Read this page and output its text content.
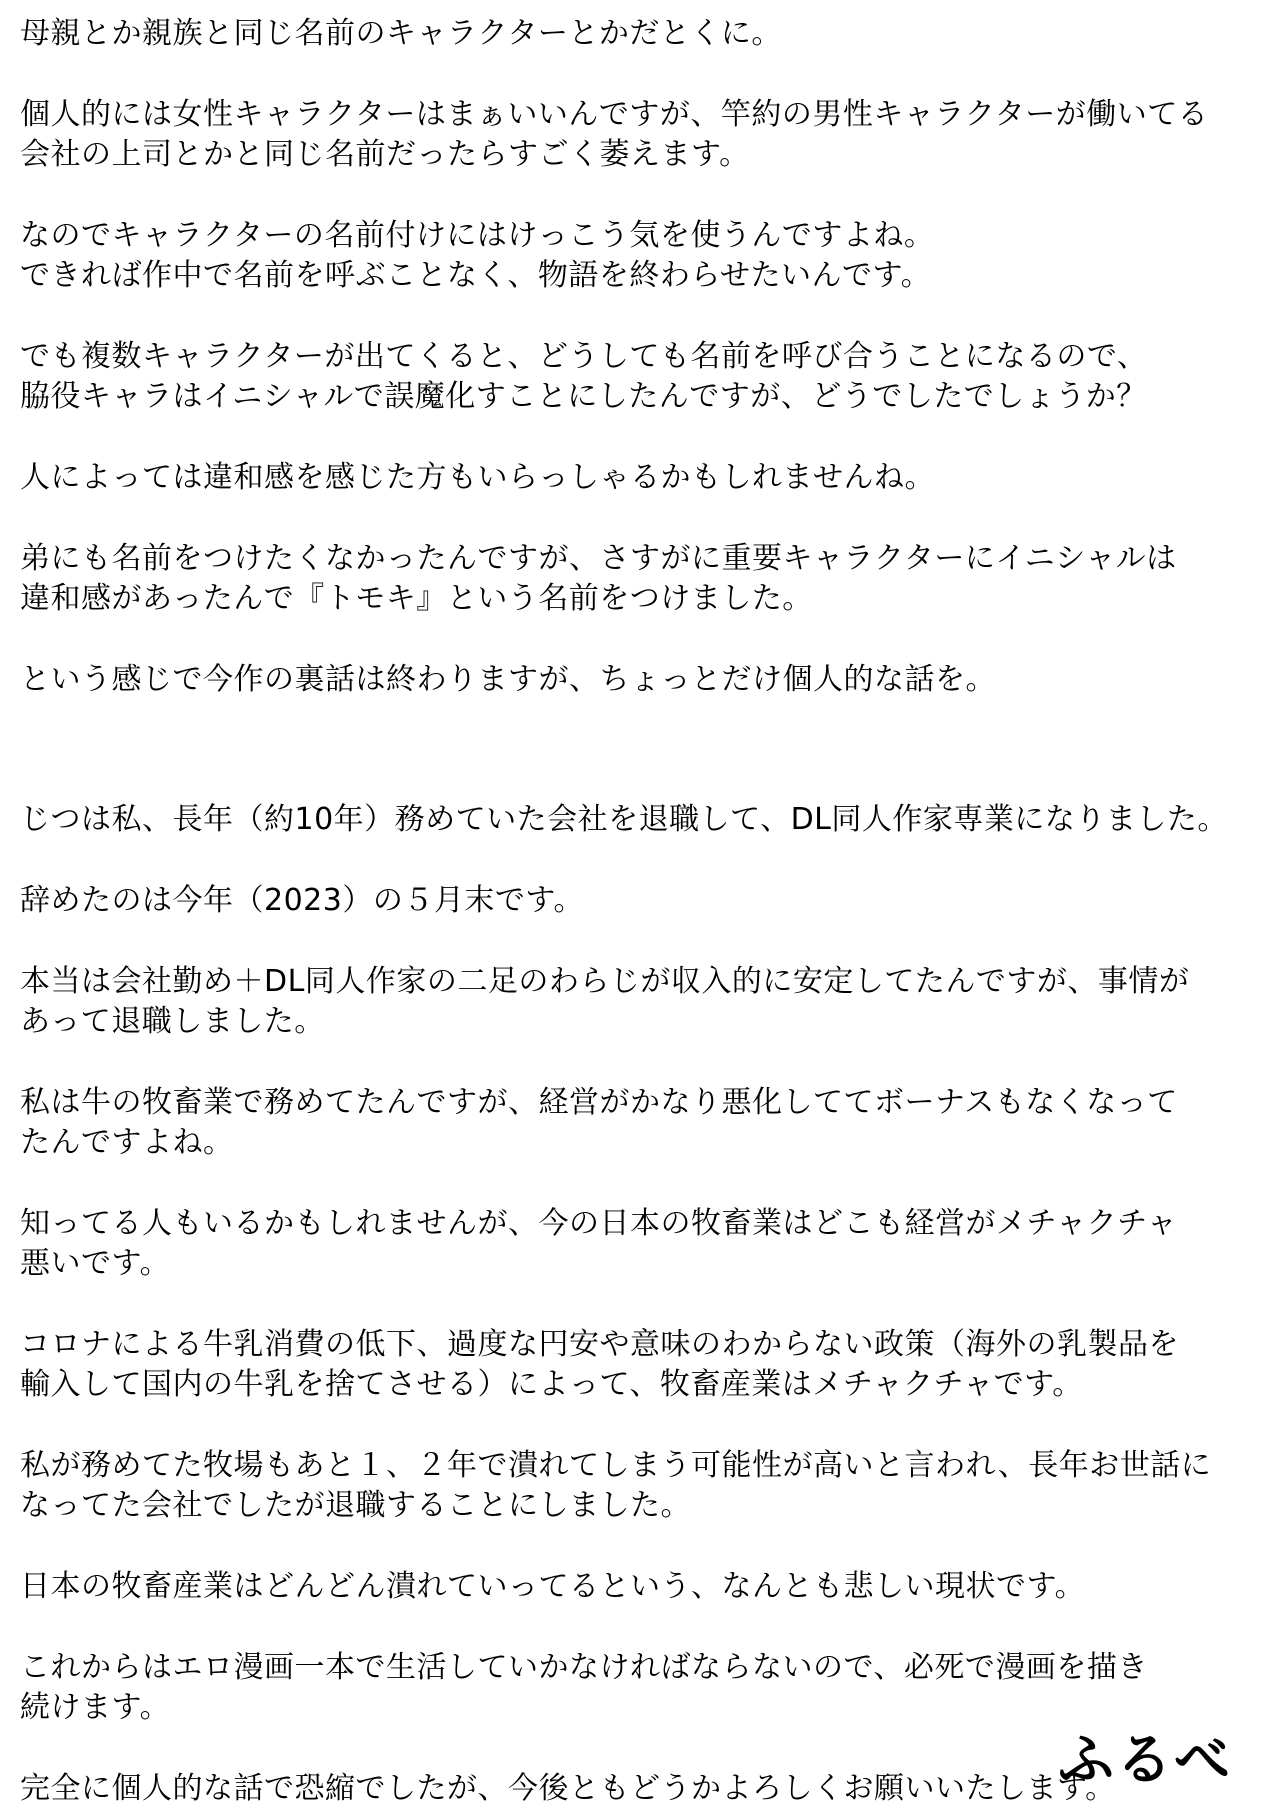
母親とか親族と同じ名前のキャラクターとかだとくに。

個人的には女性キャラクターはまぁいいんですが、竿約の男性キャラクターが働いてる
会社の上司とかと同じ名前だったらすごく萎えます。

なのでキャラクターの名前付けにはけっこう気を使うんですよね。
できれば作中で名前を呼ぶことなく、物語を終わらせたいんです。

でも複数キャラクターが出てくると、どうしても名前を呼び合うことになるので、
脇役キャラはイニシャルで誤魔化すことにしたんですが、どうでしたでしょうか？

人によっては違和感を感じた方もいらっしゃるかもしれませんね。

弟にも名前をつけたくなかったんですが、さすがに重要キャラクターにイニシャルは
違和感があったんで『トモキ』という名前をつけました。

という感じで今作の裏話は終わりますが、ちょっとだけ個人的な話を。

じつは私、長年（約10年）務めていた会社を退職して、DL同人作家専業になりました。

辞めたのは今年（2023）の５月末です。

本当は会社勤め＋DL同人作家の二足のわらじが収入的に安定してたんですが、事情が
あって退職しました。

私は牛の牧畜業で務めてたんですが、経営がかなり悪化しててボーナスもなくなって
たんですよね。

知ってる人もいるかもしれませんが、今の日本の牧畜業はどこも経営がメチャクチャ
悪いです。

コロナによる牛乳消費の低下、過度な円安や意味のわからない政策（海外の乳製品を
輸入して国内の牛乳を捨てさせる）によって、牧畜産業はメチャクチャです。

私が務めてた牧場もあと１、２年で潰れてしまう可能性が高いと言われ、長年お世話に
なってた会社でしたが退職することにしました。

日本の牧畜産業はどんどん潰れていってるという、なんとも悲しい現状です。

これからはエロ漫画一本で生活していかなければならないので、必死で漫画を描き
続けます。

完全に個人的な話で恐縮でしたが、今後ともどうかよろしくお願いいたします。

ふるべ
